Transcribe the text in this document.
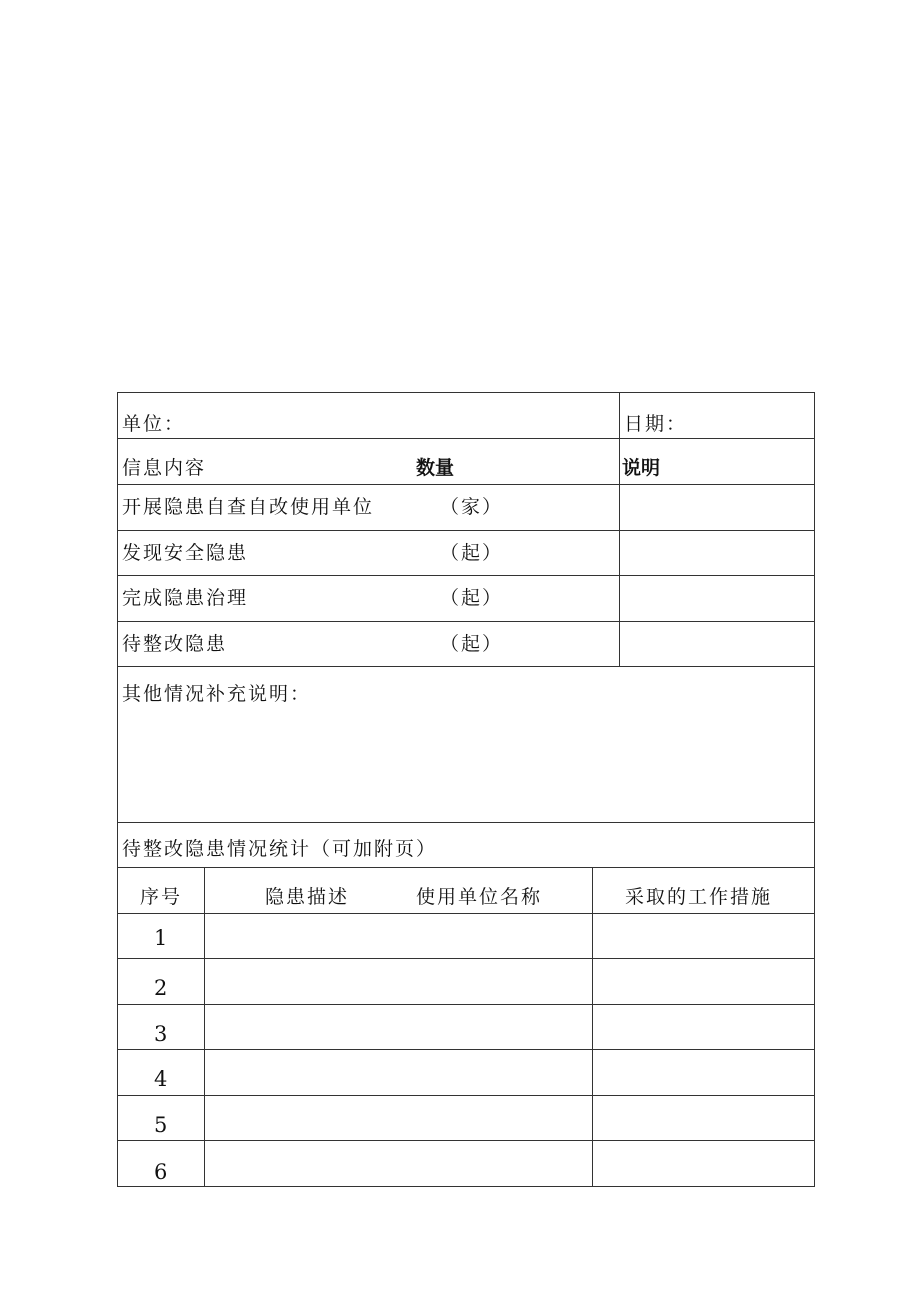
单位：	日期：
信息内容	数量	说明
开展隐患自查自改使用单位	（家）
发现安全隐患	（起）
完成隐患治理	（起）
待整改隐患	（起）
其他情况补充说明：
待整改隐患情况统计（可加附页）
序号	隐患描述	使用单位名称	采取的工作措施
1
2
3
4
5
6
